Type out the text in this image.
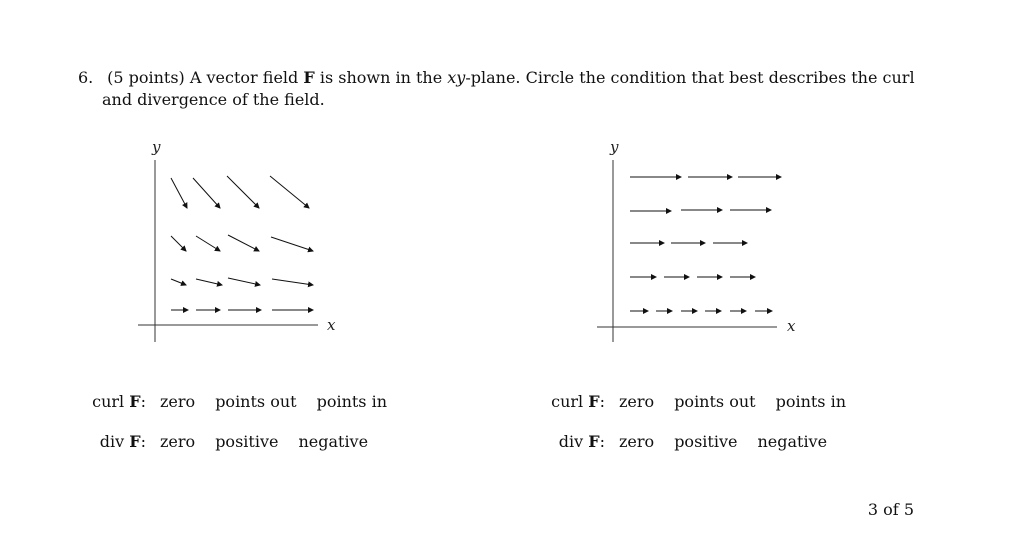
6. (5 points) A vector field F is shown in the xy-plane. Circle the condition that best describes the curl
and divergence of the field.
y
x
y
x
curl F: zero points out points in
div F: zero positive negative
curl F: zero points out points in
div F: zero positive negative
3 of 5
